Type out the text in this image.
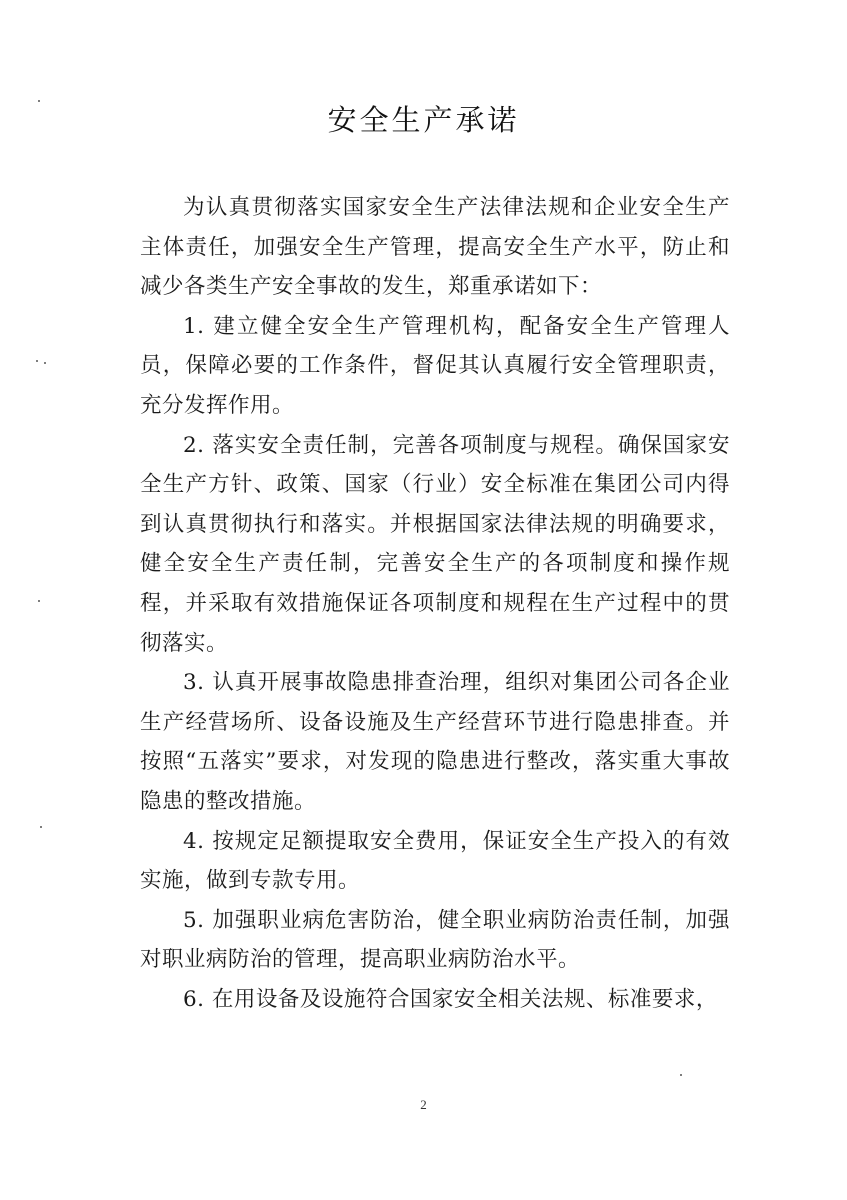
安全生产承诺

为认真贯彻落实国家安全生产法律法规和企业安全生产主体责任，加强安全生产管理，提高安全生产水平，防止和减少各类生产安全事故的发生，郑重承诺如下：

1. 建立健全安全生产管理机构，配备安全生产管理人员，保障必要的工作条件，督促其认真履行安全管理职责，充分发挥作用。

2. 落实安全责任制，完善各项制度与规程。确保国家安全生产方针、政策、国家（行业）安全标准在集团公司内得到认真贯彻执行和落实。并根据国家法律法规的明确要求，健全安全生产责任制，完善安全生产的各项制度和操作规程，并采取有效措施保证各项制度和规程在生产过程中的贯彻落实。

3. 认真开展事故隐患排查治理，组织对集团公司各企业生产经营场所、设备设施及生产经营环节进行隐患排查。并按照“五落实”要求，对发现的隐患进行整改，落实重大事故隐患的整改措施。

4. 按规定足额提取安全费用，保证安全生产投入的有效实施，做到专款专用。

5. 加强职业病危害防治，健全职业病防治责任制，加强对职业病防治的管理，提高职业病防治水平。

6. 在用设备及设施符合国家安全相关法规、标准要求，

2
